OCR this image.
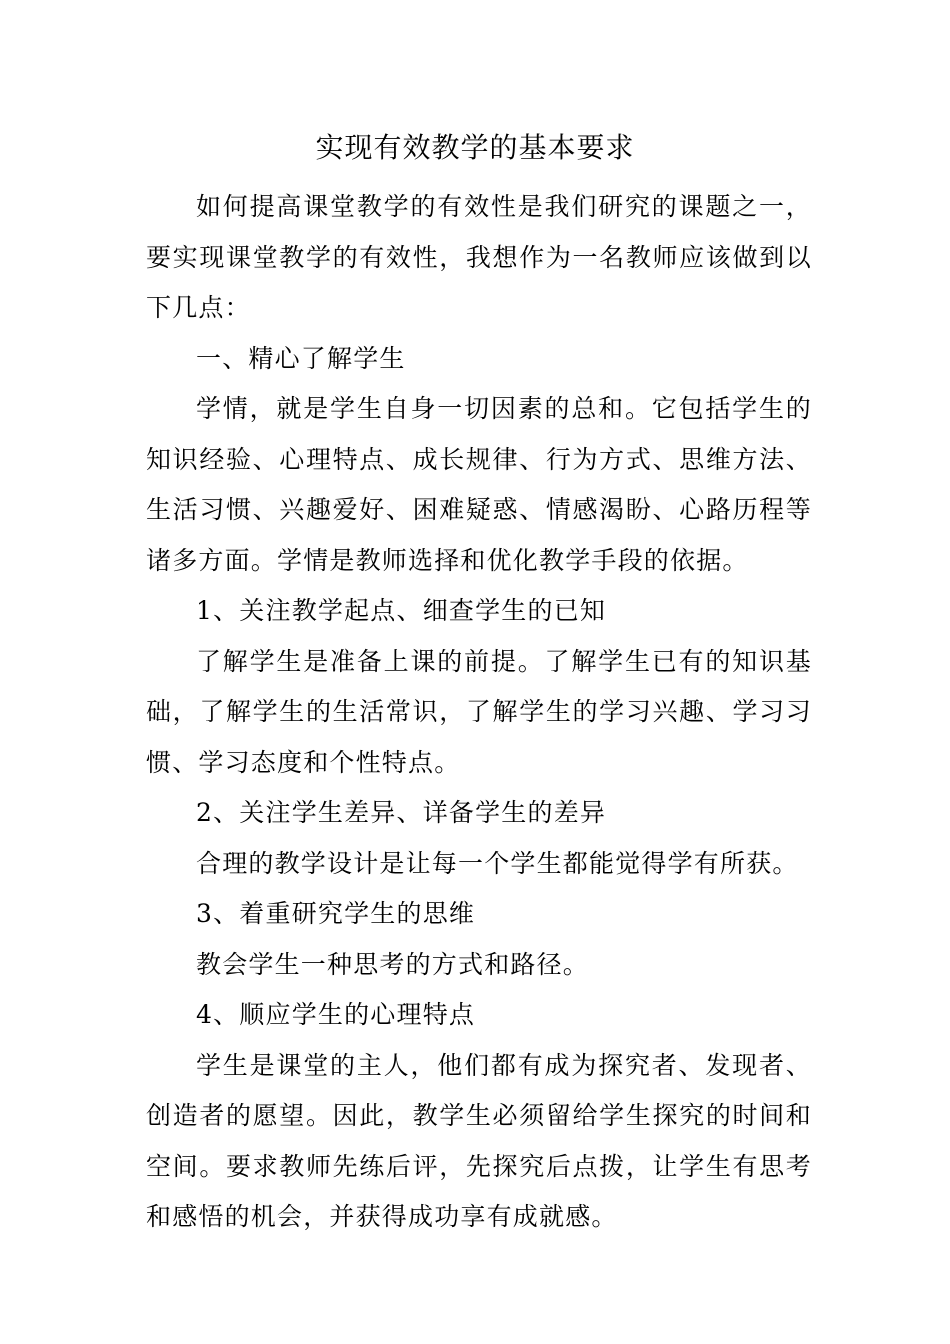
实现有效教学的基本要求

如何提高课堂教学的有效性是我们研究的课题之一，要实现课堂教学的有效性，我想作为一名教师应该做到以下几点：

一、精心了解学生

学情，就是学生自身一切因素的总和。它包括学生的知识经验、心理特点、成长规律、行为方式、思维方法、生活习惯、兴趣爱好、困难疑惑、情感渴盼、心路历程等诸多方面。学情是教师选择和优化教学手段的依据。

1、关注教学起点、细查学生的已知

了解学生是准备上课的前提。了解学生已有的知识基础，了解学生的生活常识，了解学生的学习兴趣、学习习惯、学习态度和个性特点。

2、关注学生差异、详备学生的差异

合理的教学设计是让每一个学生都能觉得学有所获。

3、着重研究学生的思维

教会学生一种思考的方式和路径。

4、顺应学生的心理特点

学生是课堂的主人，他们都有成为探究者、发现者、创造者的愿望。因此，教学生必须留给学生探究的时间和空间。要求教师先练后评，先探究后点拨，让学生有思考和感悟的机会，并获得成功享有成就感。
